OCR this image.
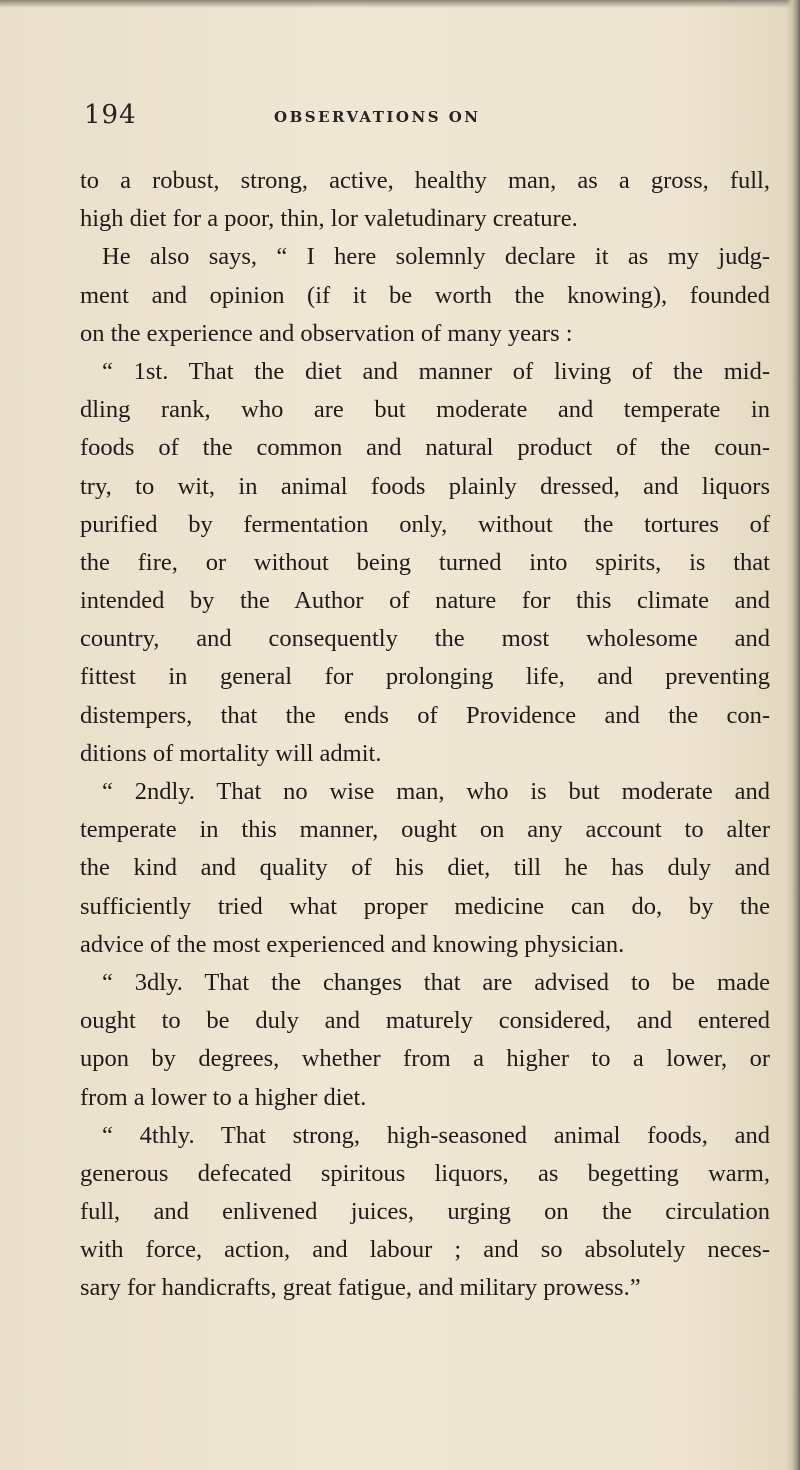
194	OBSERVATIONS ON
to a robust, strong, active, healthy man, as a gross, full,
high diet for a poor, thin, lor valetudinary creature.
He also says, “ I here solemnly declare it as my judg-
ment and opinion (if it be worth the knowing), founded
on the experience and observation of many years :
“ 1st. That the diet and manner of living of the mid-
dling rank, who are but moderate and temperate in
foods of the common and natural product of the coun-
try, to wit, in animal foods plainly dressed, and liquors
purified by fermentation only, without the tortures of
the fire, or without being turned into spirits, is that
intended by the Author of nature for this climate and
country, and consequently the most wholesome and
fittest in general for prolonging life, and preventing
distempers, that the ends of Providence and the con-
ditions of mortality will admit.
“ 2ndly. That no wise man, who is but moderate and
temperate in this manner, ought on any account to alter
the kind and quality of his diet, till he has duly and
sufficiently tried what proper medicine can do, by the
advice of the most experienced and knowing physician.
“ 3dly. That the changes that are advised to be made
ought to be duly and maturely considered, and entered
upon by degrees, whether from a higher to a lower, or
from a lower to a higher diet.
“ 4thly. That strong, high-seasoned animal foods, and
generous defecated spiritous liquors, as begetting warm,
full, and enlivened juices, urging on the circulation
with force, action, and labour ; and so absolutely neces-
sary for handicrafts, great fatigue, and military prowess.”
